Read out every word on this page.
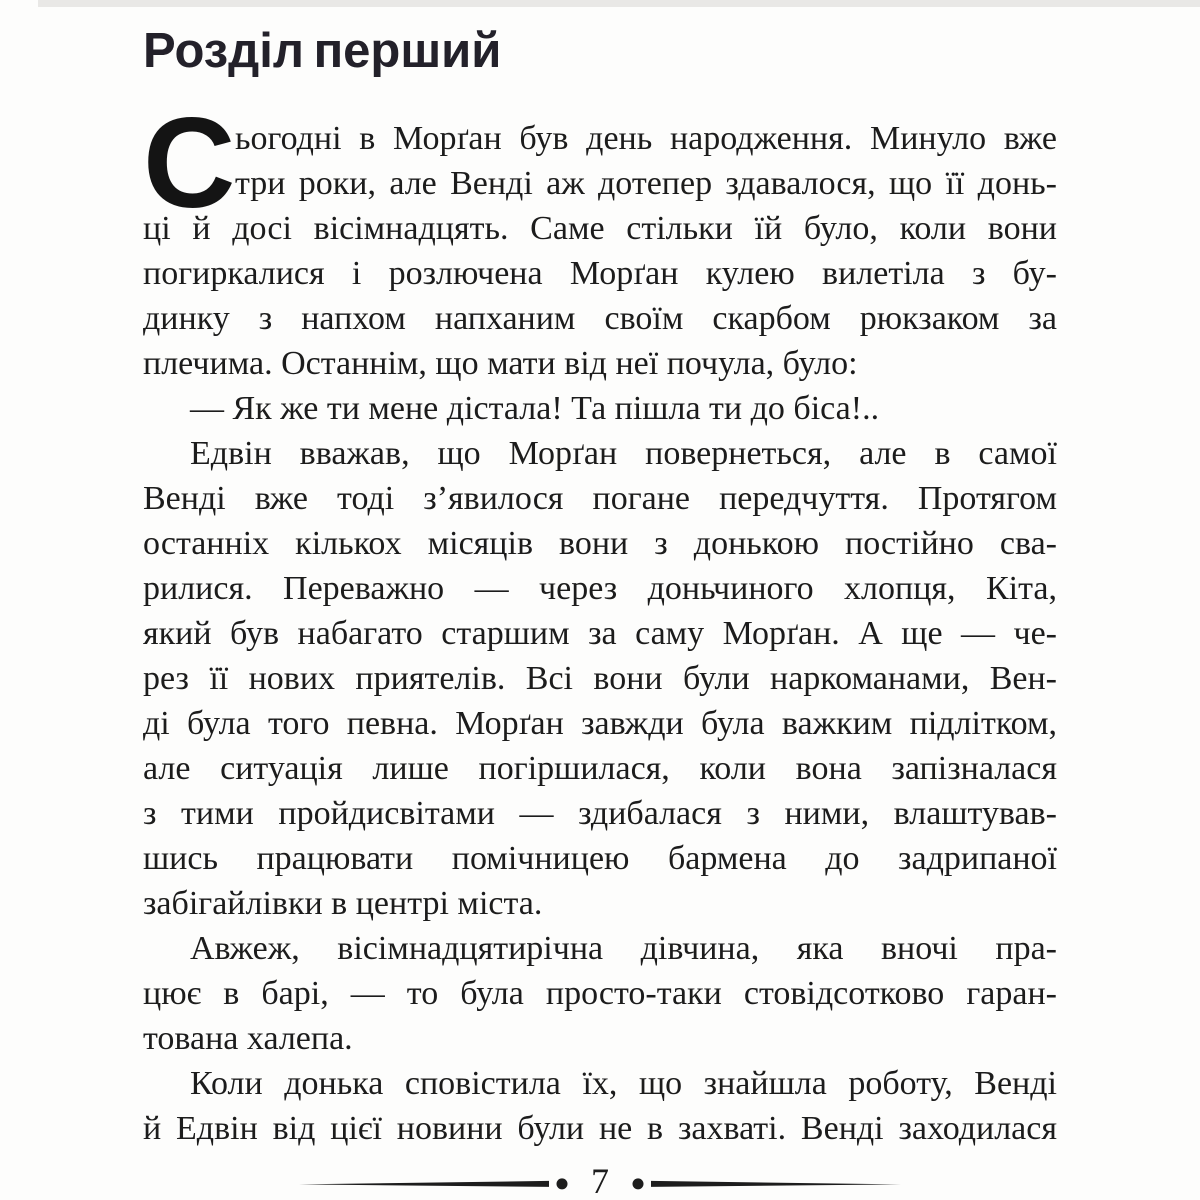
Розділ перший
С ьогодні в Морґан був день народження. Минуло вже
три роки, але Венді аж дотепер здавалося, що її донь-
ці й досі вісімнадцять. Саме стільки їй було, коли вони
погиркалися і розлючена Морґан кулею вилетіла з бу-
динку з напхом напханим своїм скарбом рюкзаком за
плечима. Останнім, що мати від неї почула, було:
— Як же ти мене дістала! Та пішла ти до біса!..
Едвін вважав, що Морґан повернеться, але в самої
Венді вже тоді з’явилося погане передчуття. Протягом
останніх кількох місяців вони з донькою постійно сва-
рилися. Переважно — через доньчиного хлопця, Кіта,
який був набагато старшим за саму Морґан. А ще — че-
рез її нових приятелів. Всі вони були наркоманами, Вен-
ді була того певна. Морґан завжди була важким підлітком,
але ситуація лише погіршилася, коли вона запізналася
з тими пройдисвітами — здибалася з ними, влаштував-
шись працювати помічницею бармена до задрипаної
забігайлівки в центрі міста.
Авжеж, вісімнадцятирічна дівчина, яка вночі пра-
цює в барі, — то була просто-таки стовідсотково гаран-
тована халепа.
Коли донька сповістила їх, що знайшла роботу, Венді
й Едвін від цієї новини були не в захваті. Венді заходилася
7
